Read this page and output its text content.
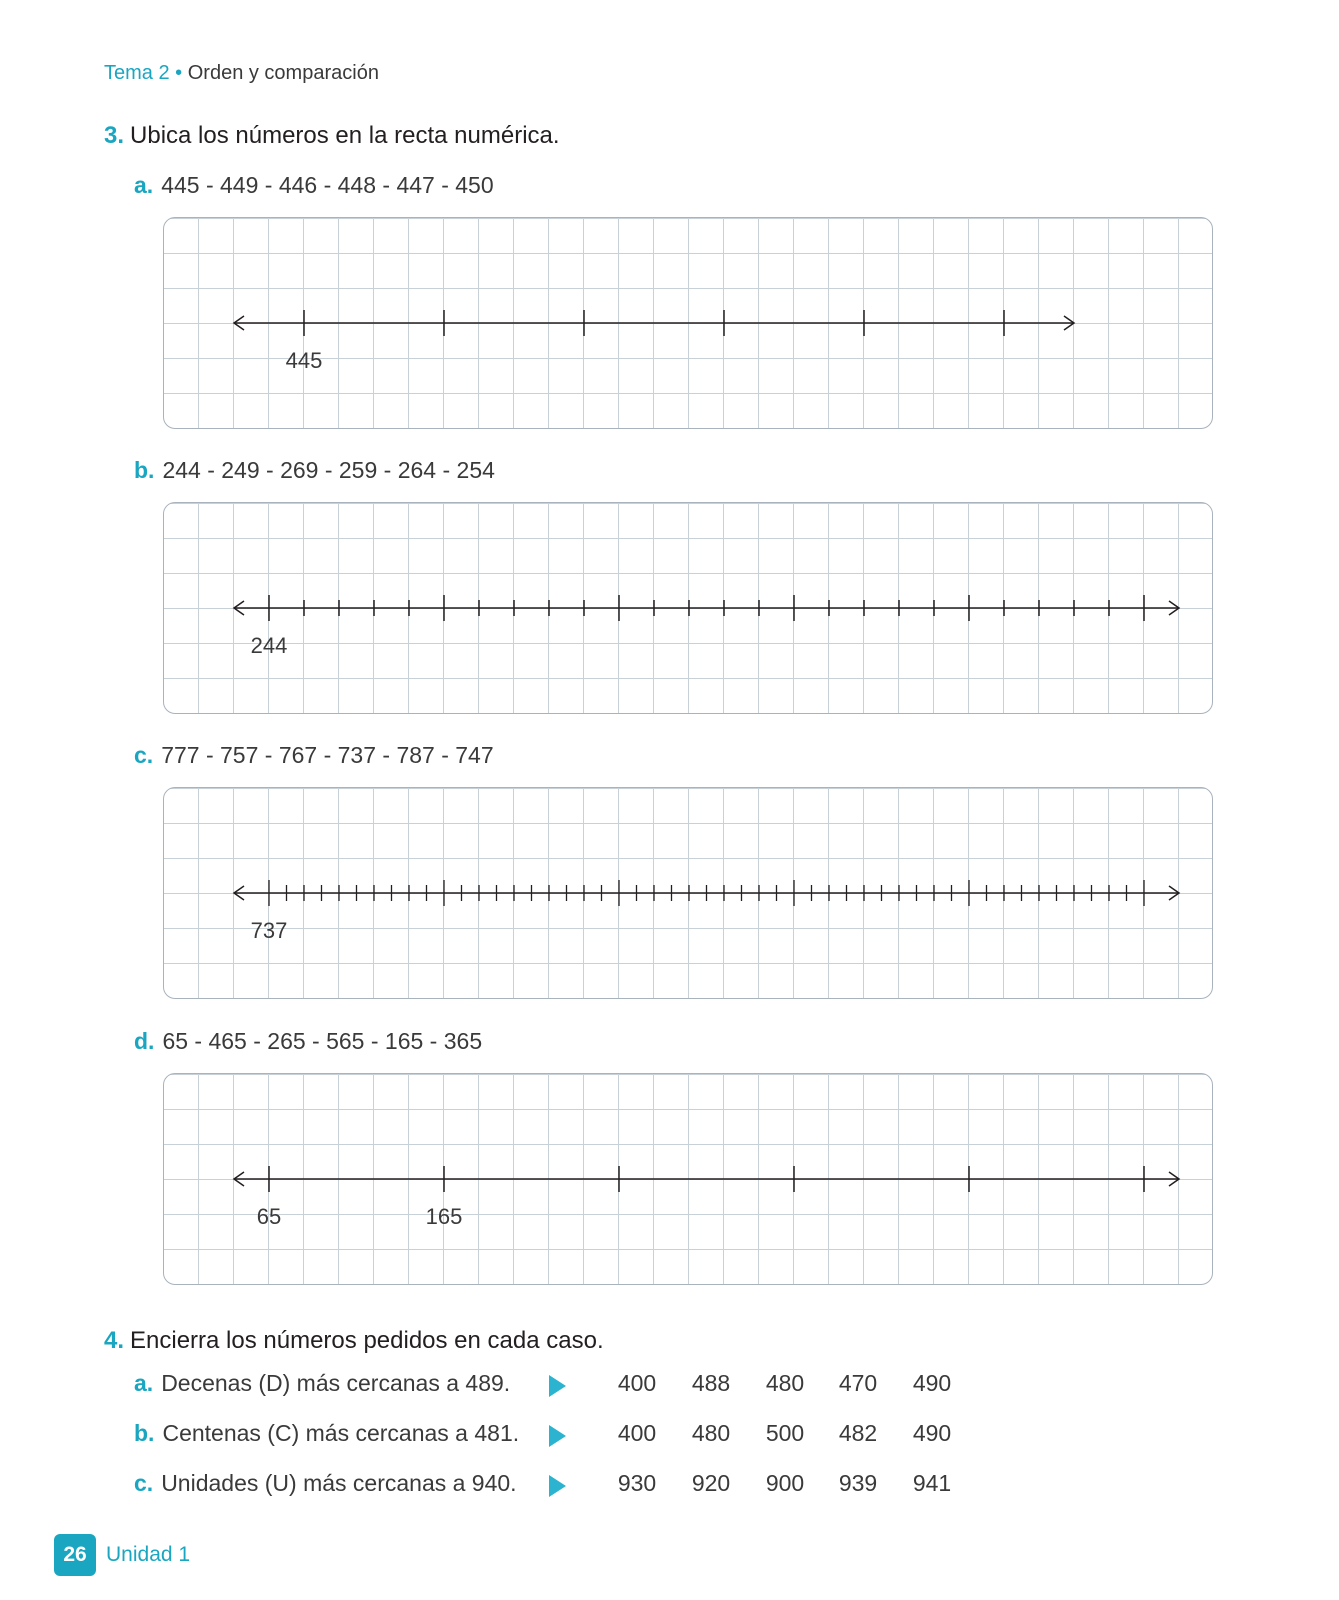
Tema 2 • Orden y comparación
3. Ubica los números en la recta numérica.
a. 445 - 449 - 446 - 448 - 447 - 450
445
b. 244 - 249 - 269 - 259 - 264 - 254
244
c. 777 - 757 - 767 - 737 - 787 - 747
737
d. 65 - 465 - 265 - 565 - 165 - 365
65	165
4. Encierra los números pedidos en cada caso.
a. Decenas (D) más cercanas a 489.	400	488	480	470	490
b. Centenas (C) más cercanas a 481.	400	480	500	482	490
c. Unidades (U) más cercanas a 940.	930	920	900	939	941
26 Unidad 1
